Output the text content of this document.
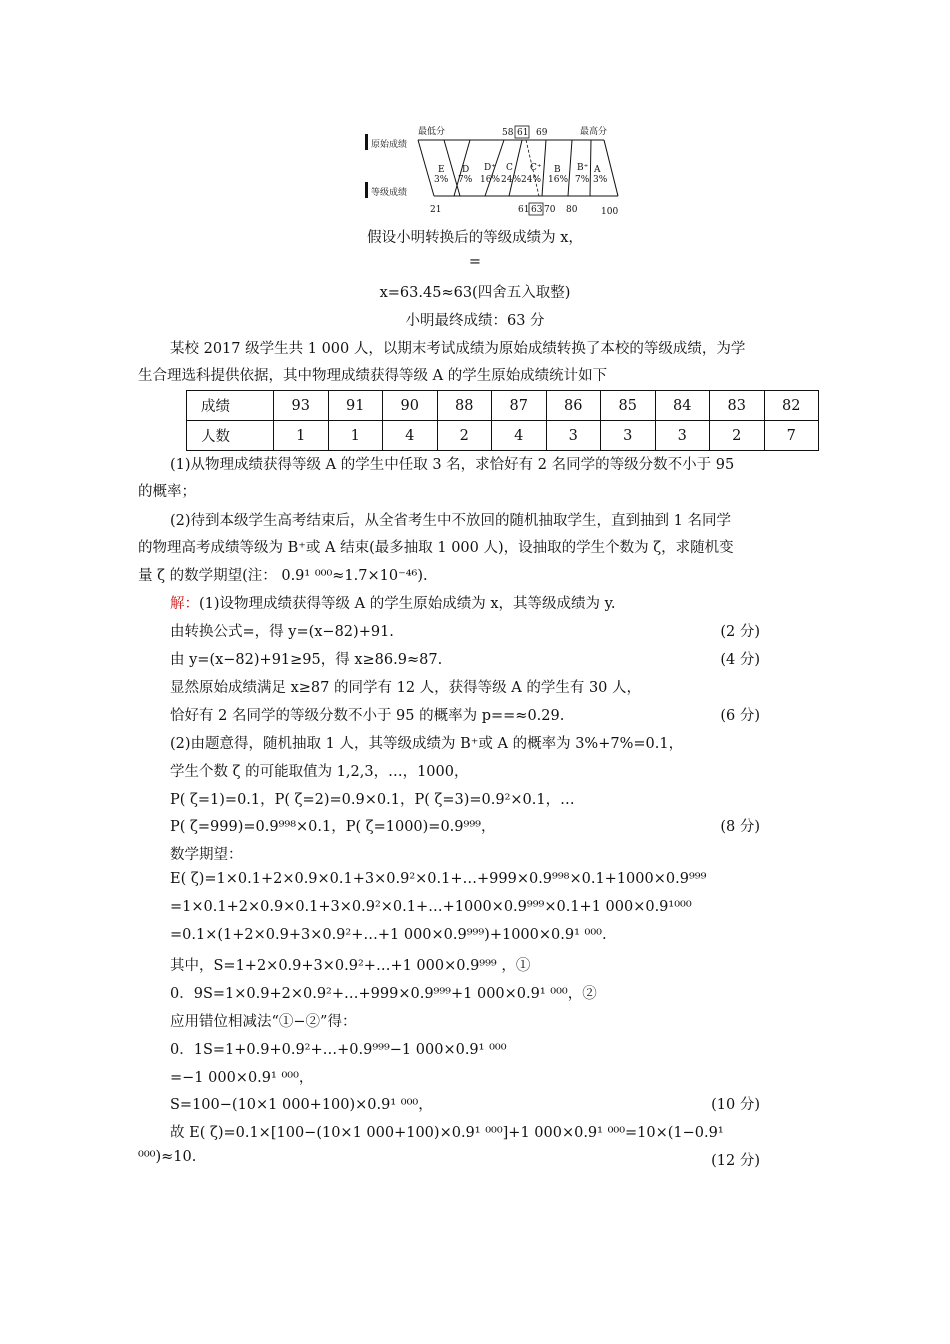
原始成绩
等级成绩
最低分	最高分
58 61 69
E
3%
D
7%
D⁺
16%
C
24%
C⁺
24%
B
16%
B⁺
7%
A
3%
21	61 63 70 80	100
假设小明转换后的等级成绩为 x，
=
x=63.45≈63(四舍五入取整)
小明最终成绩：63 分
某校 2017 级学生共 1 000 人，以期末考试成绩为原始成绩转换了本校的等级成绩，为学
生合理选科提供依据，其中物理成绩获得等级 A 的学生原始成绩统计如下
成绩	93	91	90	88	87	86	85	84	83	82
人数	1	1	4	2	4	3	3	3	2	7
(1)从物理成绩获得等级 A 的学生中任取 3 名，求恰好有 2 名同学的等级分数不小于 95
的概率；
(2)待到本级学生高考结束后，从全省考生中不放回的随机抽取学生，直到抽到 1 名同学
的物理高考成绩等级为 B⁺或 A 结束(最多抽取 1 000 人)，设抽取的学生个数为 ζ，求随机变
量 ζ 的数学期望(注： 0.9¹ ⁰⁰⁰≈1.7×10⁻⁴⁶).
解：(1)设物理成绩获得等级 A 的学生原始成绩为 x，其等级成绩为 y.
由转换公式=，得 y=(x−82)+91.	(2 分)
由 y=(x−82)+91≥95，得 x≥86.9≈87.	(4 分)
显然原始成绩满足 x≥87 的同学有 12 人，获得等级 A 的学生有 30 人，
恰好有 2 名同学的等级分数不小于 95 的概率为 p==≈0.29.	(6 分)
(2)由题意得，随机抽取 1 人，其等级成绩为 B⁺或 A 的概率为 3%+7%=0.1，
学生个数 ζ 的可能取值为 1,2,3，…，1000，
P( ζ=1)=0.1，P( ζ=2)=0.9×0.1，P( ζ=3)=0.9²×0.1，…
P( ζ=999)=0.9⁹⁹⁸×0.1，P( ζ=1000)=0.9⁹⁹⁹，	(8 分)
数学期望：
E( ζ)=1×0.1+2×0.9×0.1+3×0.9²×0.1+…+999×0.9⁹⁹⁸×0.1+1000×0.9⁹⁹⁹
=1×0.1+2×0.9×0.1+3×0.9²×0.1+…+1000×0.9⁹⁹⁹×0.1+1 000×0.9¹⁰⁰⁰
=0.1×(1+2×0.9+3×0.9²+…+1 000×0.9⁹⁹⁹)+1000×0.9¹ ⁰⁰⁰.
其中，S=1+2×0.9+3×0.9²+…+1 000×0.9⁹⁹⁹ ，①
0．9S=1×0.9+2×0.9²+…+999×0.9⁹⁹⁹+1 000×0.9¹ ⁰⁰⁰，②
应用错位相减法“①−②”得：
0．1S=1+0.9+0.9²+…+0.9⁹⁹⁹−1 000×0.9¹ ⁰⁰⁰
=−1 000×0.9¹ ⁰⁰⁰，
S=100−(10×1 000+100)×0.9¹ ⁰⁰⁰，	(10 分)
故 E( ζ)=0.1×[100−(10×1 000+100)×0.9¹ ⁰⁰⁰]+1 000×0.9¹ ⁰⁰⁰=10×(1−0.9¹
⁰⁰⁰)≈10.	(12 分)
